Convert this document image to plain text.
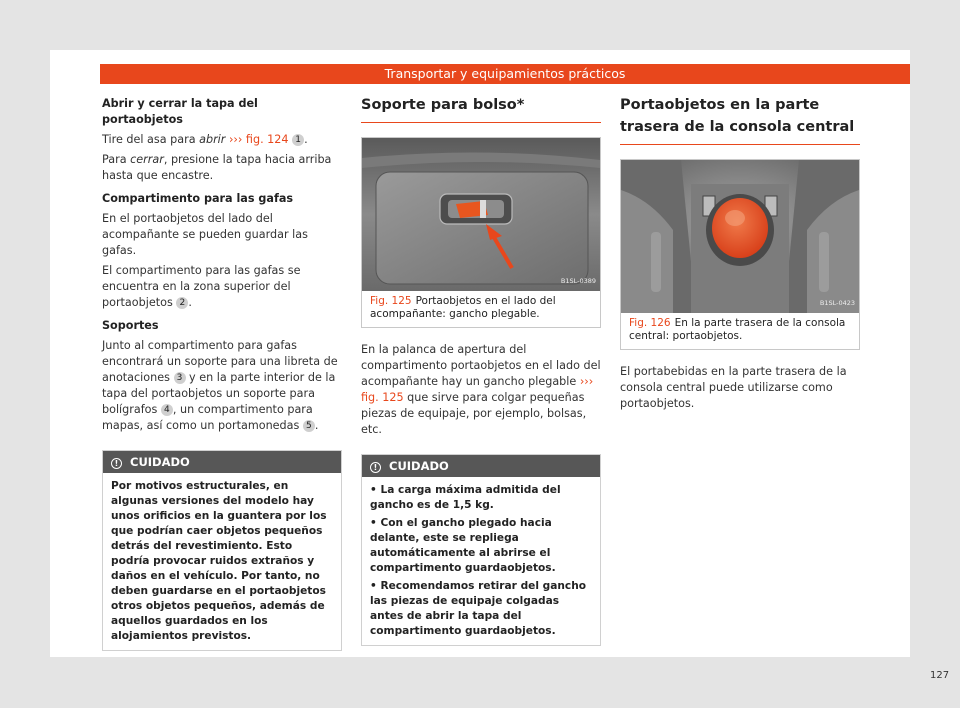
Transportar y equipamientos prácticos
Abrir y cerrar la tapa del portaobjetos

Tire del asa para abrir ››› fig. 124 1 .

Para cerrar, presione la tapa hacia arriba hasta que encastre.

Compartimento para las gafas

En el portaobjetos del lado del acompañante se pueden guardar las gafas.

El compartimento para las gafas se encuentra en la zona superior del portaobjetos 2 .

Soportes

Junto al compartimento para gafas encontrará un soporte para una libreta de anotaciones 3 y en la parte interior de la tapa del portaobjetos un soporte para bolígrafos 4 , un compartimento para mapas, así como un portamonedas 5 .

! CUIDADO
Por motivos estructurales, en algunas versiones del modelo hay unos orificios en la guantera por los que podrían caer objetos pequeños detrás del revestimiento. Esto podría provocar ruidos extraños y daños en el vehículo. Por tanto, no deben guardarse en el portaobjetos otros objetos pequeños, además de aquellos guardados en los alojamientos previstos.
Soporte para bolso*
B1SL-0389
Fig. 125 Portaobjetos en el lado del acompañante: gancho plegable.

En la palanca de apertura del compartimento portaobjetos en el lado del acompañante hay un gancho plegable ››› fig. 125 que sirve para colgar pequeñas piezas de equipaje, por ejemplo, bolsas, etc.

! CUIDADO
• La carga máxima admitida del gancho es de 1,5 kg.
• Con el gancho plegado hacia delante, este se repliega automáticamente al abrirse el compartimento guardaobjetos.
• Recomendamos retirar del gancho las piezas de equipaje colgadas antes de abrir la tapa del compartimento guardaobjetos.
Portaobjetos en la parte trasera de la consola central
B1SL-0423
Fig. 126 En la parte trasera de la consola central: portaobjetos.

El portabebidas en la parte trasera de la consola central puede utilizarse como portaobjetos.

127
